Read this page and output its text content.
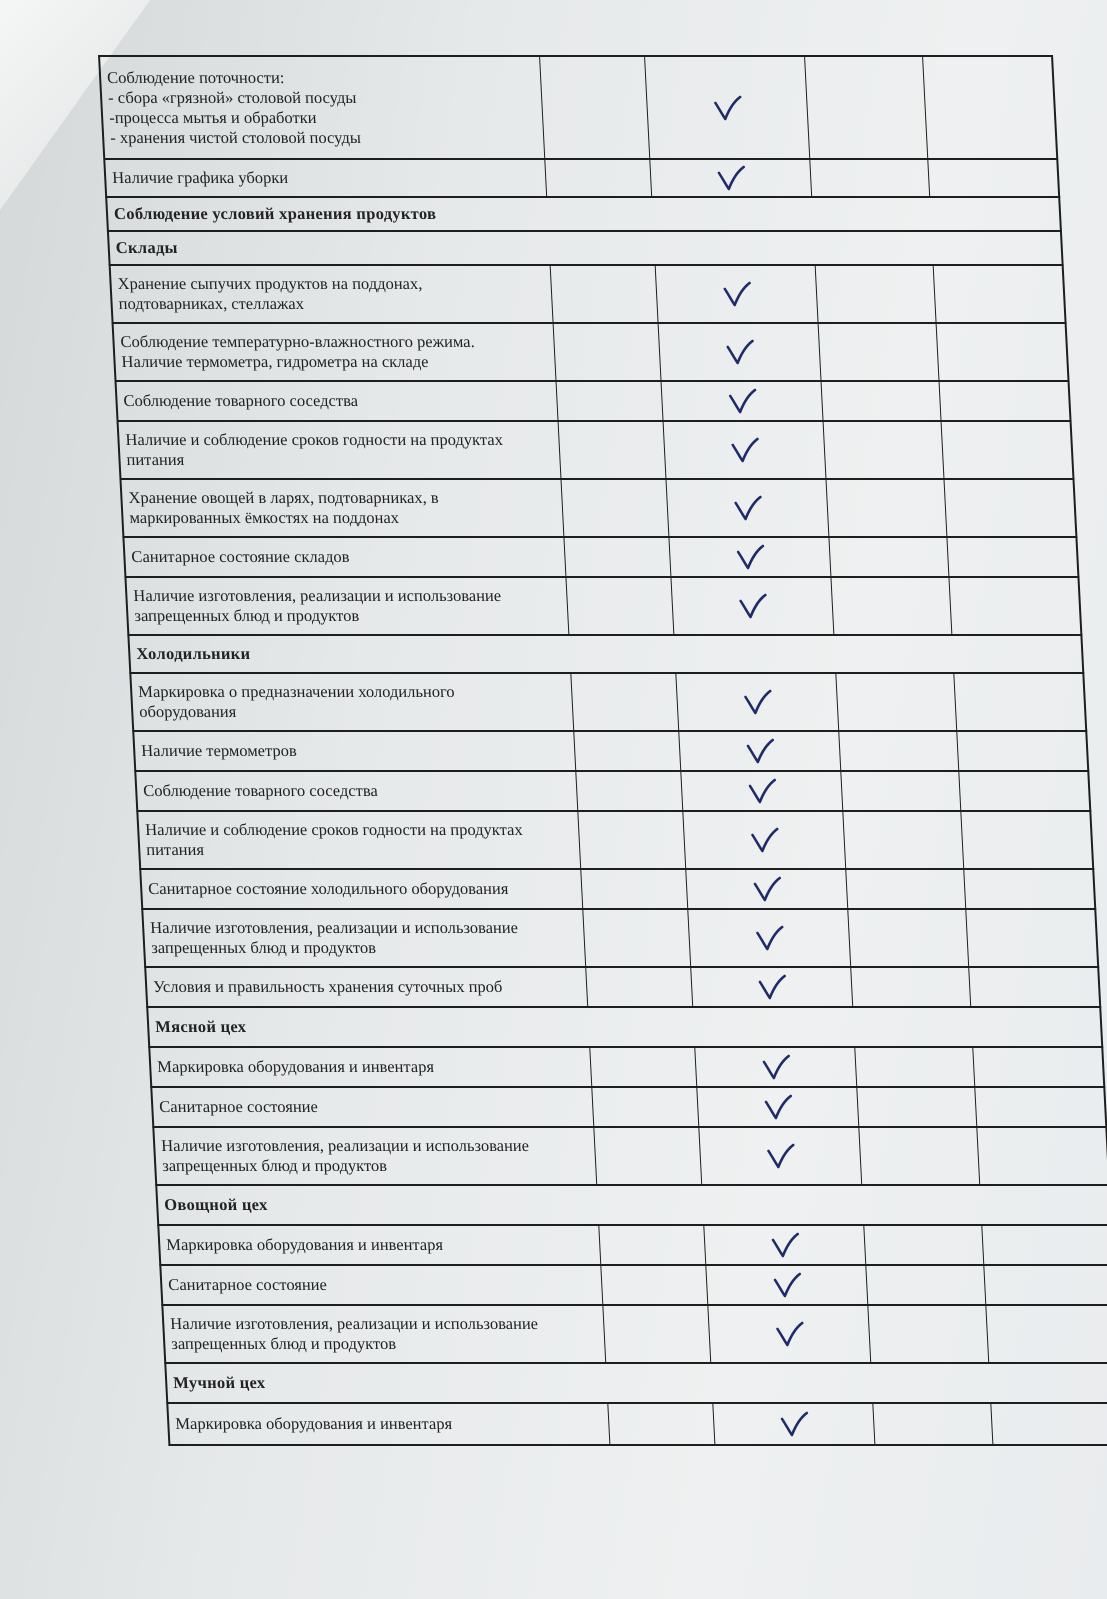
Соблюдение поточности:
- сбора «грязной» столовой посуды
-процесса мытья и обработки
- хранения чистой столовой посуды
Наличие графика уборки
Соблюдение условий хранения продуктов
Склады
Хранение сыпучих продуктов на поддонах,
подтоварниках, стеллажах
Соблюдение температурно-влажностного режима.
Наличие термометра, гидрометра на складе
Соблюдение товарного соседства
Наличие и соблюдение сроков годности на продуктах
питания
Хранение овощей в ларях, подтоварниках, в
маркированных ёмкостях на поддонах
Санитарное состояние складов
Наличие изготовления, реализации и использование
запрещенных блюд и продуктов
Холодильники
Маркировка о предназначении холодильного
оборудования
Наличие термометров
Соблюдение товарного соседства
Наличие и соблюдение сроков годности на продуктах
питания
Санитарное состояние холодильного оборудования
Наличие изготовления, реализации и использование
запрещенных блюд и продуктов
Условия и правильность хранения суточных проб
Мясной цех
Маркировка оборудования и инвентаря
Санитарное состояние
Наличие изготовления, реализации и использование
запрещенных блюд и продуктов
Овощной цех
Маркировка оборудования и инвентаря
Санитарное состояние
Наличие изготовления, реализации и использование
запрещенных блюд и продуктов
Мучной цех
Маркировка оборудования и инвентаря
